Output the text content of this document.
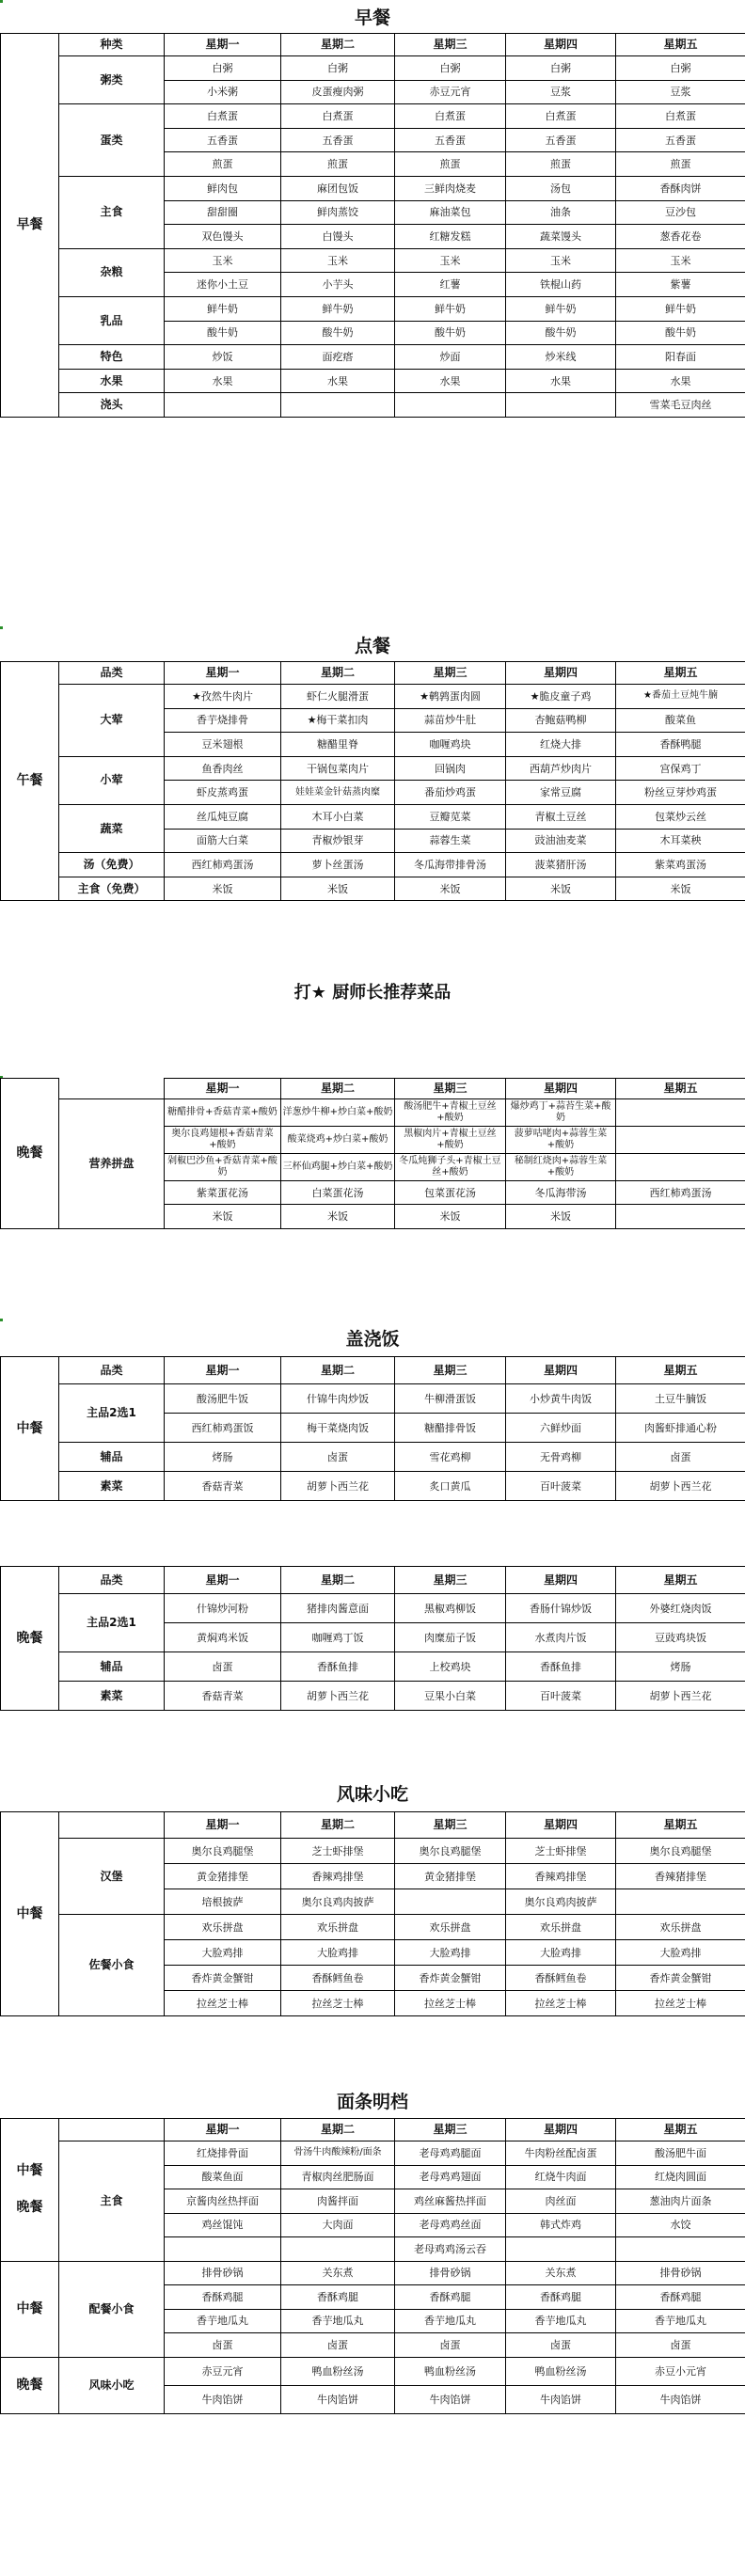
早餐
早餐	种类	星期一	星期二	星期三	星期四	星期五
	粥类	白粥	白粥	白粥	白粥	白粥
		小米粥	皮蛋瘦肉粥	赤豆元宵	豆浆	豆浆
	蛋类	白煮蛋	白煮蛋	白煮蛋	白煮蛋	白煮蛋
		五香蛋	五香蛋	五香蛋	五香蛋	五香蛋
		煎蛋	煎蛋	煎蛋	煎蛋	煎蛋
	主食	鲜肉包	麻团包饭	三鲜肉烧麦	汤包	香酥肉饼
		甜甜圈	鲜肉蒸饺	麻油菜包	油条	豆沙包
		双色馒头	白馒头	红糖发糕	蔬菜馒头	葱香花卷
	杂粮	玉米	玉米	玉米	玉米	玉米
		迷你小土豆	小芋头	红薯	铁棍山药	紫薯
	乳品	鲜牛奶	鲜牛奶	鲜牛奶	鲜牛奶	鲜牛奶
		酸牛奶	酸牛奶	酸牛奶	酸牛奶	酸牛奶
	特色	炒饭	面疙瘩	炒面	炒米线	阳春面
	水果	水果	水果	水果	水果	水果
	浇头					雪菜毛豆肉丝
点餐
午餐	品类	星期一	星期二	星期三	星期四	星期五
	大荤	★孜然牛肉片	虾仁火腿滑蛋	★鹌鹑蛋肉圆	★脆皮童子鸡	★番茄土豆炖牛腩
		香芋烧排骨	★梅干菜扣肉	蒜苗炒牛肚	杏鲍菇鸭柳	酸菜鱼
		豆米翅根	糖醋里脊	咖喱鸡块	红烧大排	香酥鸭腿
	小荤	鱼香肉丝	干锅包菜肉片	回锅肉	西葫芦炒肉片	宫保鸡丁
		虾皮蒸鸡蛋	娃娃菜金针菇蒸肉糜	番茄炒鸡蛋	家常豆腐	粉丝豆芽炒鸡蛋
	蔬菜	丝瓜炖豆腐	木耳小白菜	豆瓣苋菜	青椒土豆丝	包菜炒云丝
		面筋大白菜	青椒炒银芽	蒜蓉生菜	豉油油麦菜	木耳菜秧
	汤（免费）	西红柿鸡蛋汤	萝卜丝蛋汤	冬瓜海带排骨汤	菠菜猪肝汤	紫菜鸡蛋汤
	主食（免费）	米饭	米饭	米饭	米饭	米饭
打★ 厨师长推荐菜品
晚餐		星期一	星期二	星期三	星期四	星期五
	营养拼盘	糖醋排骨+香菇青菜+酸奶	洋葱炒牛柳+炒白菜+酸奶	酸汤肥牛+青椒土豆丝+酸奶	爆炒鸡丁+蒜苔生菜+酸奶	
		奥尔良鸡翅根+香菇青菜+酸奶	酸菜烧鸡+炒白菜+酸奶	黑椒肉片+青椒土豆丝+酸奶	菠萝咕咾肉+蒜蓉生菜+酸奶	
		剁椒巴沙鱼+香菇青菜+酸奶	三杯仙鸡腿+炒白菜+酸奶	冬瓜炖狮子头+青椒土豆丝+酸奶	秘制红烧肉+蒜蓉生菜+酸奶	
		紫菜蛋花汤	白菜蛋花汤	包菜蛋花汤	冬瓜海带汤	西红柿鸡蛋汤
		米饭	米饭	米饭	米饭	
盖浇饭
中餐	品类	星期一	星期二	星期三	星期四	星期五
	主品2选1	酸汤肥牛饭	什锦牛肉炒饭	牛柳滑蛋饭	小炒黄牛肉饭	土豆牛腩饭
		西红柿鸡蛋饭	梅干菜烧肉饭	糖醋排骨饭	六鲜炒面	肉酱虾排通心粉
	辅品	烤肠	卤蛋	雪花鸡柳	无骨鸡柳	卤蛋
	素菜	香菇青菜	胡萝卜西兰花	炙口黄瓜	百叶菠菜	胡萝卜西兰花
晚餐	品类	星期一	星期二	星期三	星期四	星期五
	主品2选1	什锦炒河粉	猪排肉酱意面	黑椒鸡柳饭	香肠什锦炒饭	外婆红烧肉饭
		黄焖鸡米饭	咖喱鸡丁饭	肉糜茄子饭	水煮肉片饭	豆豉鸡块饭
	辅品	卤蛋	香酥鱼排	上校鸡块	香酥鱼排	烤肠
	素菜	香菇青菜	胡萝卜西兰花	豆果小白菜	百叶菠菜	胡萝卜西兰花
风味小吃
中餐		星期一	星期二	星期三	星期四	星期五
	汉堡	奥尔良鸡腿堡	芝士虾排堡	奥尔良鸡腿堡	芝士虾排堡	奥尔良鸡腿堡
		黄金猪排堡	香辣鸡排堡	黄金猪排堡	香辣鸡排堡	香辣猪排堡
		培根披萨	奥尔良鸡肉披萨		奥尔良鸡肉披萨	
	佐餐小食	欢乐拼盘	欢乐拼盘	欢乐拼盘	欢乐拼盘	欢乐拼盘
		大脸鸡排	大脸鸡排	大脸鸡排	大脸鸡排	大脸鸡排
		香炸黄金蟹钳	香酥鳕鱼卷	香炸黄金蟹钳	香酥鳕鱼卷	香炸黄金蟹钳
		拉丝芝士棒	拉丝芝士棒	拉丝芝士棒	拉丝芝士棒	拉丝芝士棒
面条明档
中餐

晚餐		星期一	星期二	星期三	星期四	星期五
	主食	红烧排骨面	骨汤牛肉酸辣粉/面条	老母鸡鸡腿面	牛肉粉丝配卤蛋	酸汤肥牛面
		酸菜鱼面	青椒肉丝肥肠面	老母鸡鸡翅面	红烧牛肉面	红烧肉圆面
		京酱肉丝热拌面	肉酱拌面	鸡丝麻酱热拌面	肉丝面	葱油肉片面条
		鸡丝馄饨	大肉面	老母鸡鸡丝面	韩式炸鸡	水饺
				老母鸡鸡汤云吞		
中餐	配餐小食	排骨砂锅	关东煮	排骨砂锅	关东煮	排骨砂锅
		香酥鸡腿	香酥鸡腿	香酥鸡腿	香酥鸡腿	香酥鸡腿
		香芋地瓜丸	香芋地瓜丸	香芋地瓜丸	香芋地瓜丸	香芋地瓜丸
		卤蛋	卤蛋	卤蛋	卤蛋	卤蛋
晚餐	风味小吃	赤豆元宵	鸭血粉丝汤	鸭血粉丝汤	鸭血粉丝汤	赤豆小元宵
		牛肉馅饼	牛肉馅饼	牛肉馅饼	牛肉馅饼	牛肉馅饼
